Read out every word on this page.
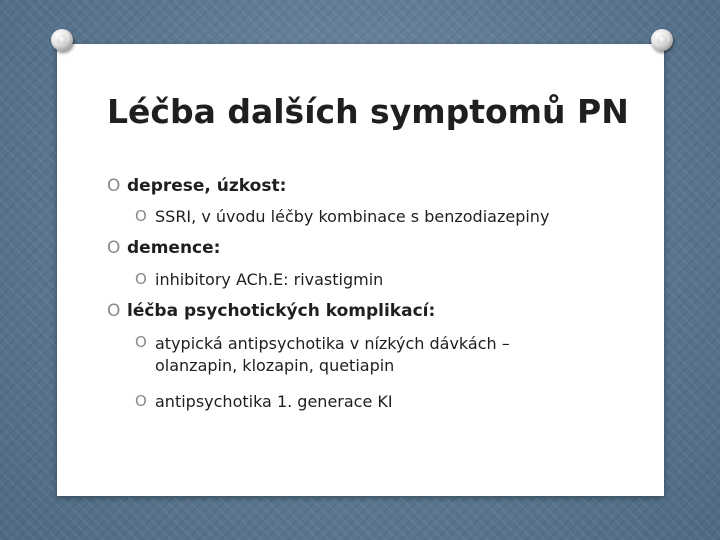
Léčba dalších symptomů PN
O deprese, úzkost:
O SSRI, v úvodu léčby kombinace s benzodiazepiny
O demence:
O inhibitory ACh.E: rivastigmin
O léčba psychotických komplikací:
O atypická antipsychotika v nízkých dávkách – olanzapin, klozapin, quetiapin
O antipsychotika 1. generace KI
